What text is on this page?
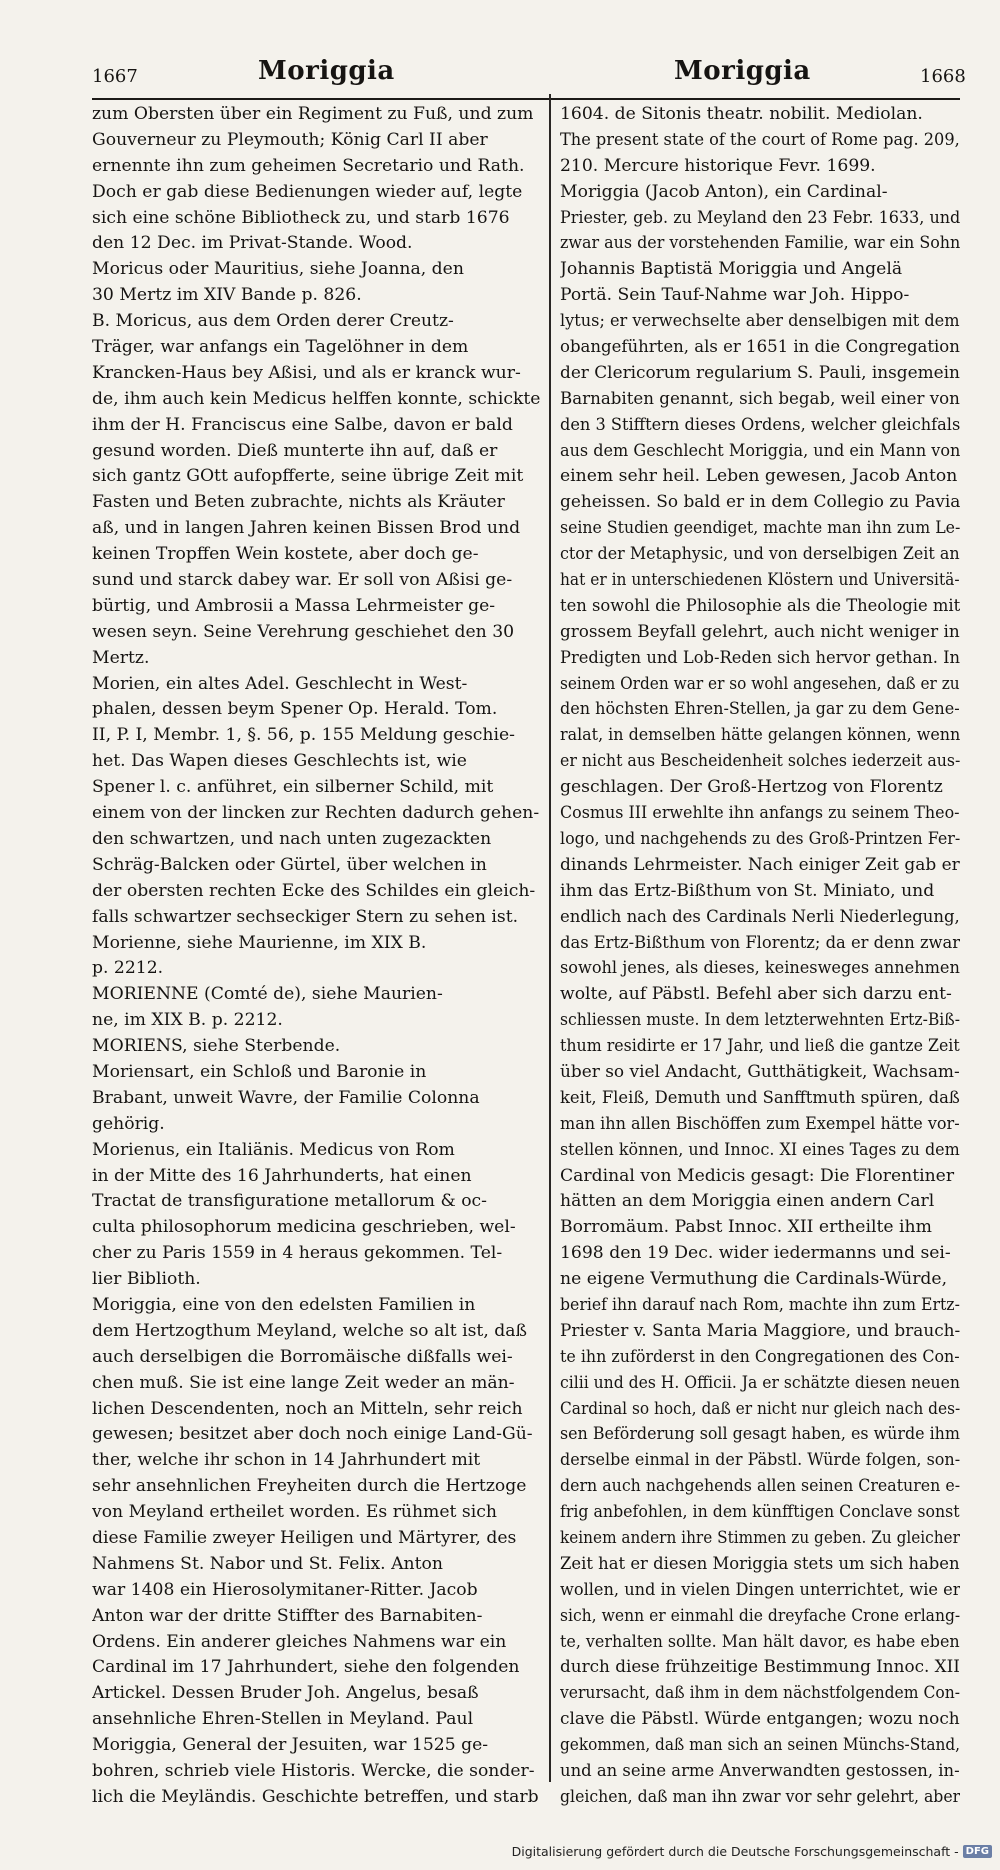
1667	Moriggia	Moriggia	1668
zum Obersten über ein Regiment zu Fuß, und zum
Gouverneur zu Pleymouth; König Carl II aber
ernennte ihn zum geheimen Secretario und Rath.
Doch er gab diese Bedienungen wieder auf, legte
sich eine schöne Bibliotheck zu, und starb 1676
den 12 Dec. im Privat-Stande. Wood.
Moricus oder Mauritius, siehe Joanna, den
30 Mertz im XIV Bande p. 826.
B. Moricus, aus dem Orden derer Creutz-
Träger, war anfangs ein Tagelöhner in dem
Krancken-Haus bey Aßisi, und als er kranck wur-
de, ihm auch kein Medicus helffen konnte, schickte
ihm der H. Franciscus eine Salbe, davon er bald
gesund worden. Dieß munterte ihn auf, daß er
sich gantz GOtt aufopfferte, seine übrige Zeit mit
Fasten und Beten zubrachte, nichts als Kräuter
aß, und in langen Jahren keinen Bissen Brod und
keinen Tropffen Wein kostete, aber doch ge-
sund und starck dabey war. Er soll von Aßisi ge-
bürtig, und Ambrosii a Massa Lehrmeister ge-
wesen seyn. Seine Verehrung geschiehet den 30
Mertz.
Morien, ein altes Adel. Geschlecht in West-
phalen, dessen beym Spener Op. Herald. Tom.
II, P. I, Membr. 1, §. 56, p. 155 Meldung geschie-
het. Das Wapen dieses Geschlechts ist, wie
Spener l. c. anführet, ein silberner Schild, mit
einem von der lincken zur Rechten dadurch gehen-
den schwartzen, und nach unten zugezackten
Schräg-Balcken oder Gürtel, über welchen in
der obersten rechten Ecke des Schildes ein gleich-
falls schwartzer sechseckiger Stern zu sehen ist.
Morienne, siehe Maurienne, im XIX B.
p. 2212.
MORIENNE (Comté de), siehe Maurien-
ne, im XIX B. p. 2212.
MORIENS, siehe Sterbende.
Moriensart, ein Schloß und Baronie in
Brabant, unweit Wavre, der Familie Colonna
gehörig.
Morienus, ein Italiänis. Medicus von Rom
in der Mitte des 16 Jahrhunderts, hat einen
Tractat de transfiguratione metallorum & oc-
culta philosophorum medicina geschrieben, wel-
cher zu Paris 1559 in 4 heraus gekommen. Tel-
lier Biblioth.
Moriggia, eine von den edelsten Familien in
dem Hertzogthum Meyland, welche so alt ist, daß
auch derselbigen die Borromäische dißfalls wei-
chen muß. Sie ist eine lange Zeit weder an män-
lichen Descendenten, noch an Mitteln, sehr reich
gewesen; besitzet aber doch noch einige Land-Gü-
ther, welche ihr schon in 14 Jahrhundert mit
sehr ansehnlichen Freyheiten durch die Hertzoge
von Meyland ertheilet worden. Es rühmet sich
diese Familie zweyer Heiligen und Märtyrer, des
Nahmens St. Nabor und St. Felix. Anton
war 1408 ein Hierosolymitaner-Ritter. Jacob
Anton war der dritte Stiffter des Barnabiten-
Ordens. Ein anderer gleiches Nahmens war ein
Cardinal im 17 Jahrhundert, siehe den folgenden
Artickel. Dessen Bruder Joh. Angelus, besaß
ansehnliche Ehren-Stellen in Meyland. Paul
Moriggia, General der Jesuiten, war 1525 ge-
bohren, schrieb viele Historis. Wercke, die sonder-
lich die Meyländis. Geschichte betreffen, und starb
1604. de Sitonis theatr. nobilit. Mediolan.
The present state of the court of Rome pag. 209,
210. Mercure historique Fevr. 1699.
Moriggia (Jacob Anton), ein Cardinal-
Priester, geb. zu Meyland den 23 Febr. 1633, und
zwar aus der vorstehenden Familie, war ein Sohn
Johannis Baptistä Moriggia und Angelä
Portä. Sein Tauf-Nahme war Joh. Hippo-
lytus; er verwechselte aber denselbigen mit dem
obangeführten, als er 1651 in die Congregation
der Clericorum regularium S. Pauli, insgemein
Barnabiten genannt, sich begab, weil einer von
den 3 Stifftern dieses Ordens, welcher gleichfals
aus dem Geschlecht Moriggia, und ein Mann von
einem sehr heil. Leben gewesen, Jacob Anton
geheissen. So bald er in dem Collegio zu Pavia
seine Studien geendiget, machte man ihn zum Le-
ctor der Metaphysic, und von derselbigen Zeit an
hat er in unterschiedenen Klöstern und Universitä-
ten sowohl die Philosophie als die Theologie mit
grossem Beyfall gelehrt, auch nicht weniger in
Predigten und Lob-Reden sich hervor gethan. In
seinem Orden war er so wohl angesehen, daß er zu
den höchsten Ehren-Stellen, ja gar zu dem Gene-
ralat, in demselben hätte gelangen können, wenn
er nicht aus Bescheidenheit solches iederzeit aus-
geschlagen. Der Groß-Hertzog von Florentz
Cosmus III erwehlte ihn anfangs zu seinem Theo-
logo, und nachgehends zu des Groß-Printzen Fer-
dinands Lehrmeister. Nach einiger Zeit gab er
ihm das Ertz-Bißthum von St. Miniato, und
endlich nach des Cardinals Nerli Niederlegung,
das Ertz-Bißthum von Florentz; da er denn zwar
sowohl jenes, als dieses, keinesweges annehmen
wolte, auf Päbstl. Befehl aber sich darzu ent-
schliessen muste. In dem letzterwehnten Ertz-Biß-
thum residirte er 17 Jahr, und ließ die gantze Zeit
über so viel Andacht, Gutthätigkeit, Wachsam-
keit, Fleiß, Demuth und Sanfftmuth spüren, daß
man ihn allen Bischöffen zum Exempel hätte vor-
stellen können, und Innoc. XI eines Tages zu dem
Cardinal von Medicis gesagt: Die Florentiner
hätten an dem Moriggia einen andern Carl
Borromäum. Pabst Innoc. XII ertheilte ihm
1698 den 19 Dec. wider iedermanns und sei-
ne eigene Vermuthung die Cardinals-Würde,
berief ihn darauf nach Rom, machte ihn zum Ertz-
Priester v. Santa Maria Maggiore, und brauch-
te ihn zuförderst in den Congregationen des Con-
cilii und des H. Officii. Ja er schätzte diesen neuen
Cardinal so hoch, daß er nicht nur gleich nach des-
sen Beförderung soll gesagt haben, es würde ihm
derselbe einmal in der Päbstl. Würde folgen, son-
dern auch nachgehends allen seinen Creaturen e-
frig anbefohlen, in dem künfftigen Conclave sonst
keinem andern ihre Stimmen zu geben. Zu gleicher
Zeit hat er diesen Moriggia stets um sich haben
wollen, und in vielen Dingen unterrichtet, wie er
sich, wenn er einmahl die dreyfache Crone erlang-
te, verhalten sollte. Man hält davor, es habe eben
durch diese frühzeitige Bestimmung Innoc. XII
verursacht, daß ihm in dem nächstfolgendem Con-
clave die Päbstl. Würde entgangen; wozu noch
gekommen, daß man sich an seinen Münchs-Stand,
und an seine arme Anverwandten gestossen, in-
gleichen, daß man ihn zwar vor sehr gelehrt, aber
Digitalisierung gefördert durch die Deutsche Forschungsgemeinschaft - DFG
